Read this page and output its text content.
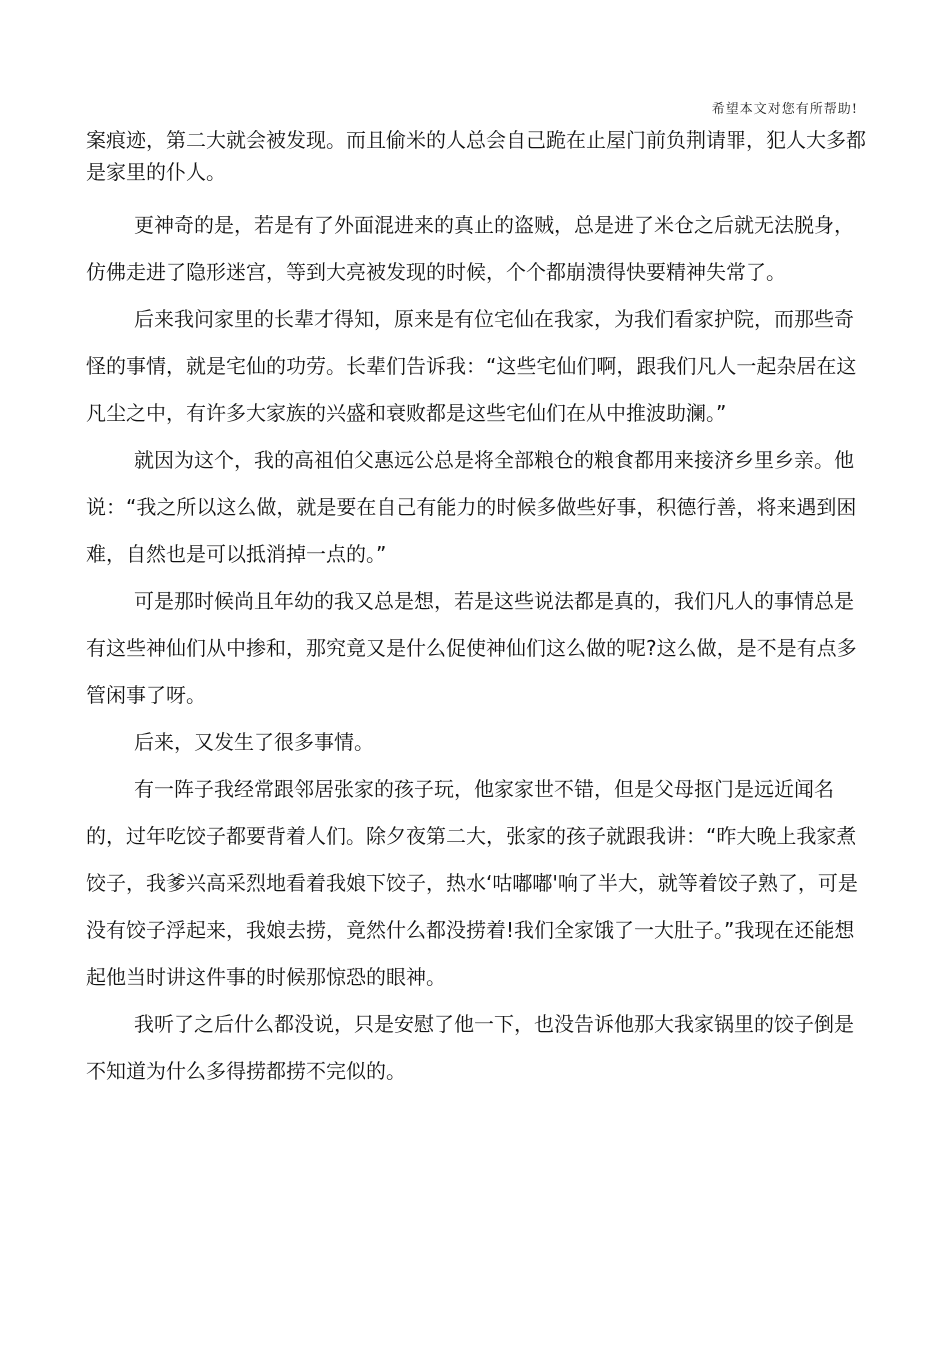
希望本文对您有所帮助!

案痕迹，第二大就会被发现。而且偷米的人总会自己跪在止屋门前负荆请罪，犯人大多都是家里的仆人。

更神奇的是，若是有了外面混进来的真止的盗贼，总是进了米仓之后就无法脱身，仿佛走进了隐形迷宫，等到大亮被发现的时候，个个都崩溃得快要精神失常了。

后来我问家里的长辈才得知，原来是有位宅仙在我家，为我们看家护院，而那些奇怪的事情，就是宅仙的功劳。长辈们告诉我：“这些宅仙们啊，跟我们凡人一起杂居在这凡尘之中，有许多大家族的兴盛和衰败都是这些宅仙们在从中推波助澜。”

就因为这个，我的高祖伯父惠远公总是将全部粮仓的粮食都用来接济乡里乡亲。他说：“我之所以这么做，就是要在自己有能力的时候多做些好事，积德行善，将来遇到困难，自然也是可以抵消掉一点的。”

可是那时候尚且年幼的我又总是想，若是这些说法都是真的，我们凡人的事情总是有这些神仙们从中掺和，那究竟又是什么促使神仙们这么做的呢?这么做，是不是有点多管闲事了呀。

后来，又发生了很多事情。

有一阵子我经常跟邻居张家的孩子玩，他家家世不错，但是父母抠门是远近闻名的，过年吃饺子都要背着人们。除夕夜第二大，张家的孩子就跟我讲：“昨大晚上我家煮饺子，我爹兴高采烈地看着我娘下饺子，热水‘咕嘟嘟'响了半大，就等着饺子熟了，可是没有饺子浮起来，我娘去捞，竟然什么都没捞着!我们全家饿了一大肚子。”我现在还能想起他当时讲这件事的时候那惊恐的眼神。

我听了之后什么都没说，只是安慰了他一下，也没告诉他那大我家锅里的饺子倒是不知道为什么多得捞都捞不完似的。
